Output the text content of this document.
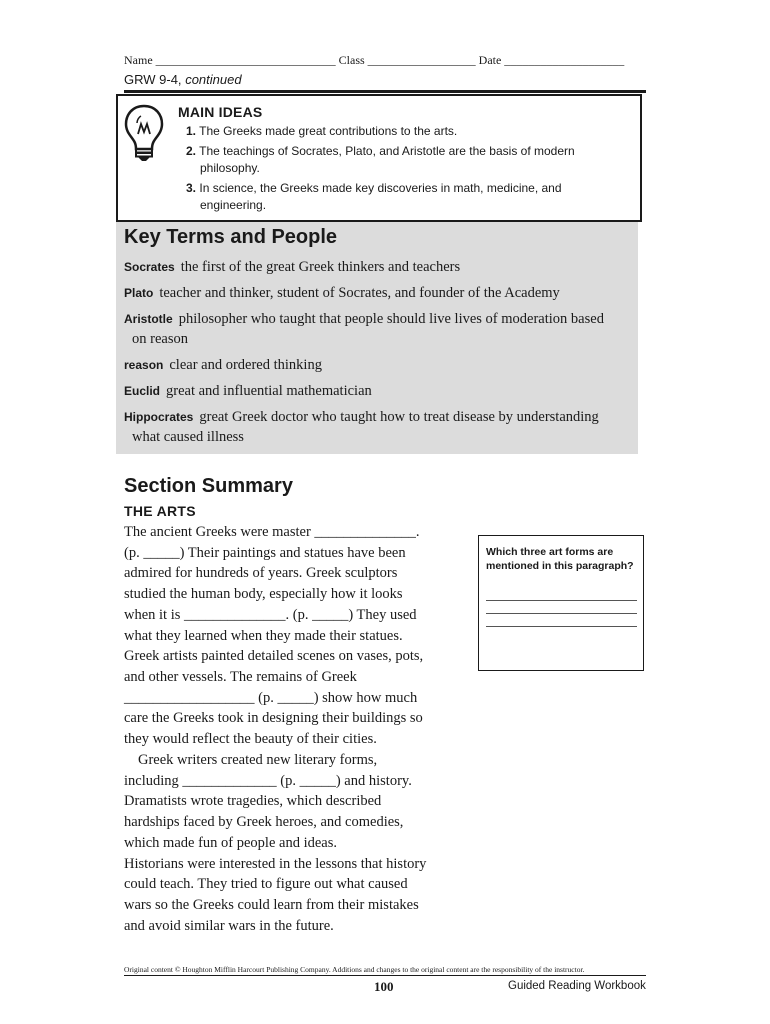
Name ______________________________ Class __________________ Date ____________________
GRW 9-4, continued
MAIN IDEAS
1. The Greeks made great contributions to the arts.
2. The teachings of Socrates, Plato, and Aristotle are the basis of modern philosophy.
3. In science, the Greeks made key discoveries in math, medicine, and engineering.
Key Terms and People
Socrates the first of the great Greek thinkers and teachers
Plato teacher and thinker, student of Socrates, and founder of the Academy
Aristotle philosopher who taught that people should live lives of moderation based
on reason
reason clear and ordered thinking
Euclid great and influential mathematician
Hippocrates great Greek doctor who taught how to treat disease by understanding
what caused illness
Section Summary
THE ARTS
The ancient Greeks were master ______________.
(p. _____) Their paintings and statues have been
admired for hundreds of years. Greek sculptors
studied the human body, especially how it looks
when it is ______________. (p. _____) They used
what they learned when they made their statues.
Greek artists painted detailed scenes on vases, pots,
and other vessels. The remains of Greek
__________________ (p. _____) show how much
care the Greeks took in designing their buildings so
they would reflect the beauty of their cities.
Greek writers created new literary forms,
including _____________ (p. _____) and history.
Dramatists wrote tragedies, which described
hardships faced by Greek heroes, and comedies,
which made fun of people and ideas.
Historians were interested in the lessons that history
could teach. They tried to figure out what caused
wars so the Greeks could learn from their mistakes
and avoid similar wars in the future.
Which three art forms are mentioned in this paragraph?
Original content © Houghton Mifflin Harcourt Publishing Company. Additions and changes to the original content are the responsibility of the instructor.
100	Guided Reading Workbook
